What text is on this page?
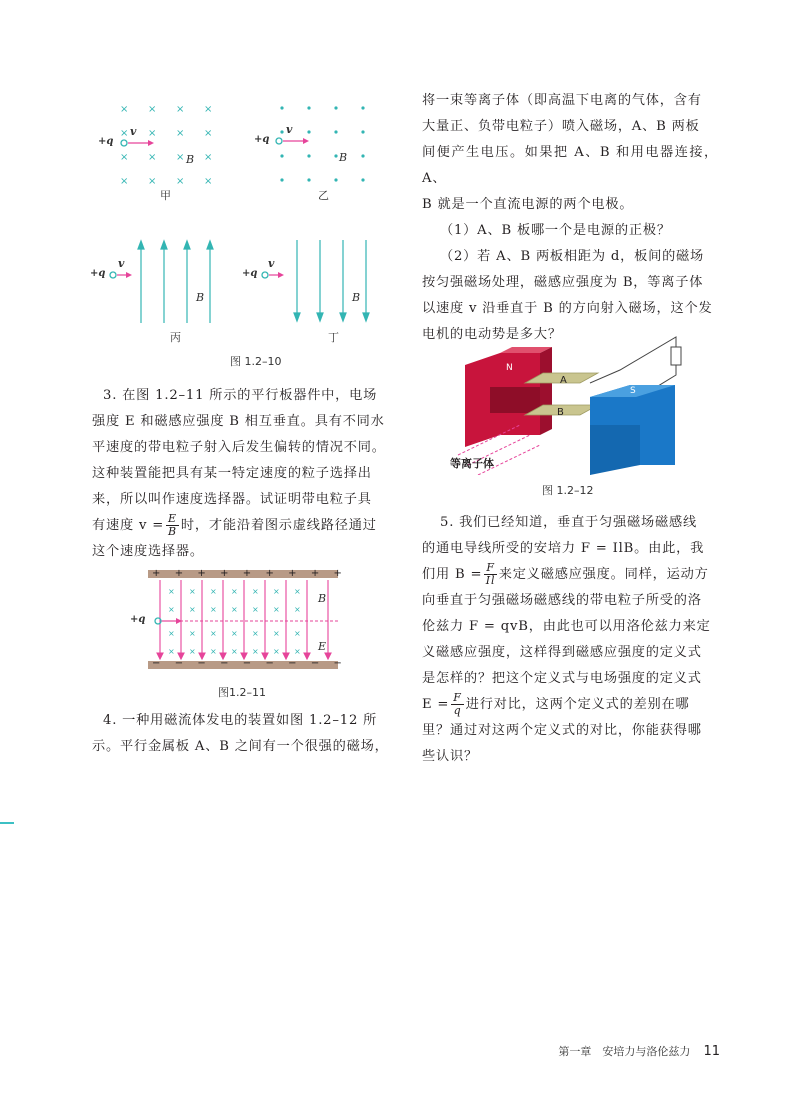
× × × ×
× × × ×
× × × ×
× × × ×
+q
v
B
甲
+q
v
B
乙
+q
v
B
丙
+q
v
B
丁
图 1.2–10

3. 在图 1.2–11 所示的平行板器件中，电场

强度 E 和磁感应强度 B 相互垂直。具有不同水

平速度的带电粒子射入后发生偏转的情况不同。

这种装置能把具有某一特定速度的粒子选择出

来，所以叫作速度选择器。试证明带电粒子具

有速度 $v = \frac{E}{B}$ 时，才能沿着图示虚线路径通过

这个速度选择器。

× × × × × × ×
× × × × × × ×
× × × × × × ×
× × × × × × ×
+ + + + + + + + +
− − − − − − − − −
+q
B
E
图1.2–11

4. 一种用磁流体发电的装置如图 1.2–12 所

示。平行金属板 A、B 之间有一个很强的磁场，

将一束等离子体（即高温下电离的气体，含有

大量正、负带电粒子）喷入磁场，A、B 两板

间便产生电压。如果把 A、B 和用电器连接，A、

B 就是一个直流电源的两个电极。

（1）A、B 板哪一个是电源的正极？

（2）若 A、B 两板相距为 d，板间的磁场

按匀强磁场处理，磁感应强度为 B，等离子体

以速度 v 沿垂直于 B 的方向射入磁场，这个发

电机的电动势是多大？

A
B
N
S
等离子体
图 1.2–12

5. 我们已经知道，垂直于匀强磁场磁感线

的通电导线所受的安培力 F = IlB。由此，我

们用 $B = \frac{F}{Il}$ 来定义磁感应强度。同样，运动方

向垂直于匀强磁场磁感线的带电粒子所受的洛

伦兹力 F = qvB，由此也可以用洛伦兹力来定

义磁感应强度，这样得到磁感应强度的定义式

是怎样的？把这个定义式与电场强度的定义式

$E = \frac{F}{q}$ 进行对比，这两个定义式的差别在哪

里？通过对这两个定义式的对比，你能获得哪

些认识？

第一章　安培力与洛伦兹力 11
